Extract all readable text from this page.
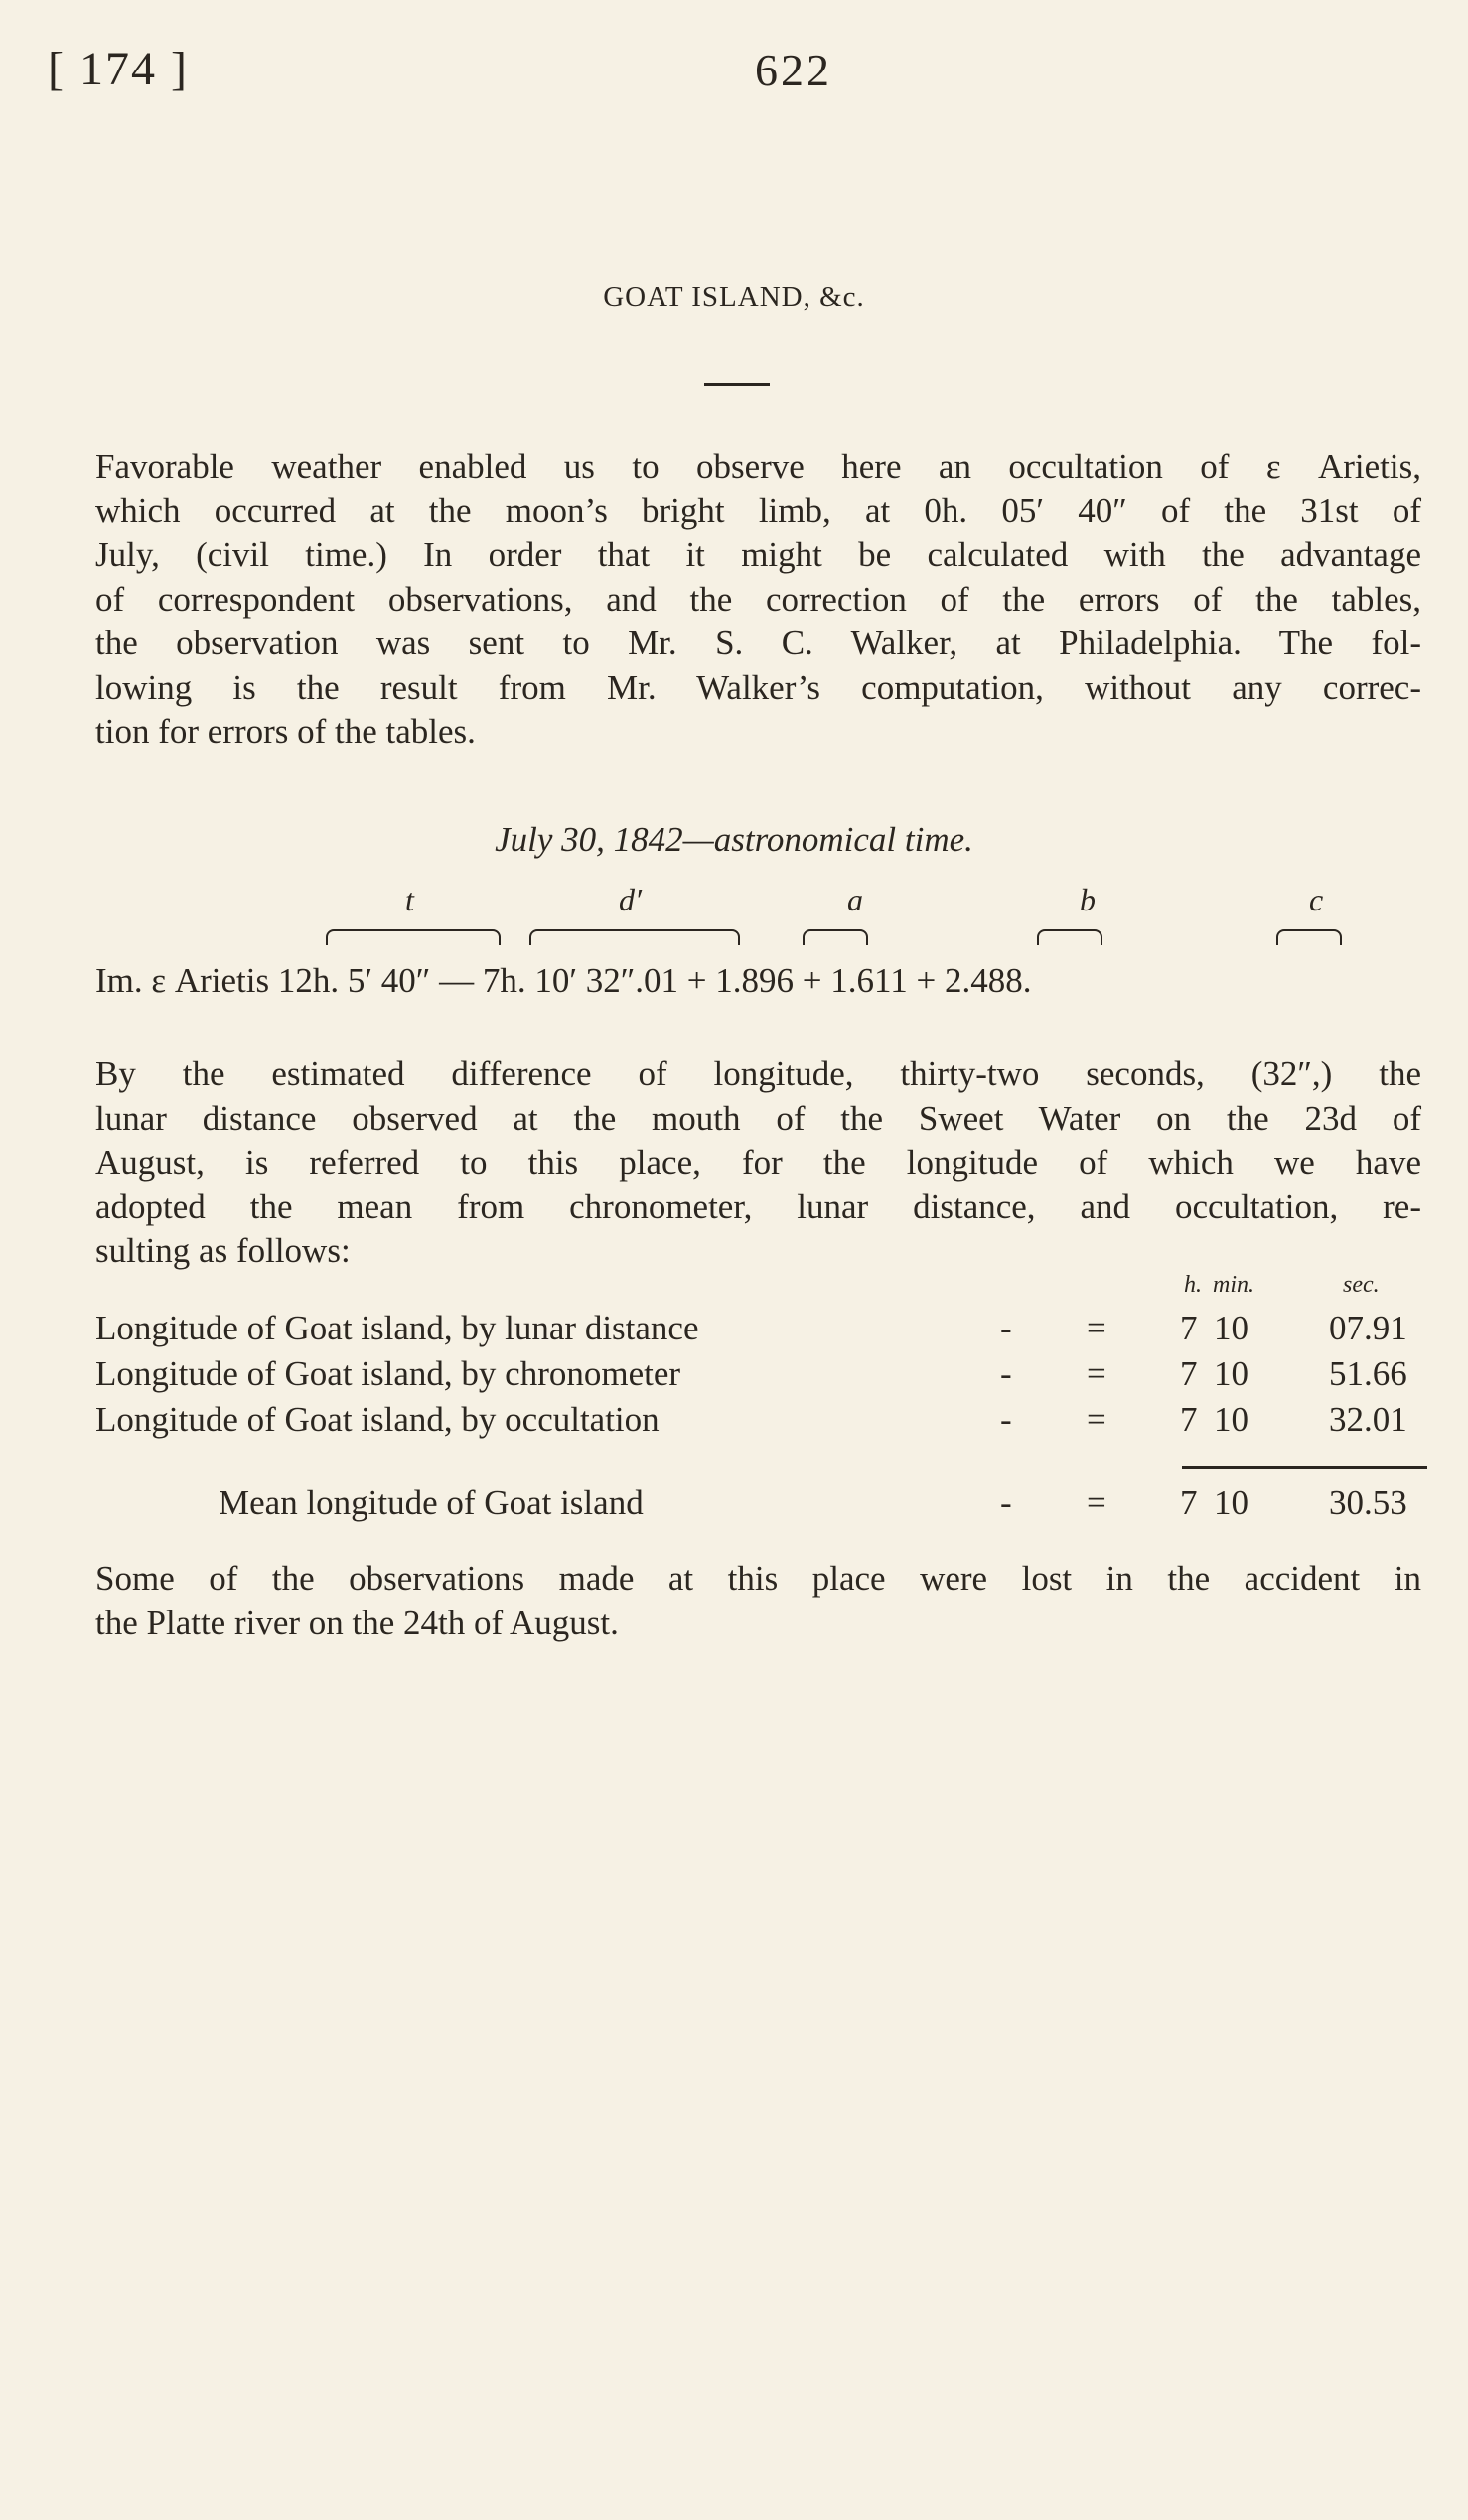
[ 174 ]	622
GOAT ISLAND, &c.
Favorable weather enabled us to observe here an occultation of ε Arietis,
which occurred at the moon’s bright limb, at 0h. 05′ 40″ of the 31st of
July, (civil time.) In order that it might be calculated with the advantage
of correspondent observations, and the correction of the errors of the tables,
the observation was sent to Mr. S. C. Walker, at Philadelphia. The fol-
lowing is the result from Mr. Walker’s computation, without any correc-
tion for errors of the tables.
July 30, 1842—astronomical time.
t	d′	a	b	c
Im. ε Arietis 12h. 5′ 40″ — 7h. 10′ 32″.01 + 1.896 + 1.611 + 2.488.
By the estimated difference of longitude, thirty-two seconds, (32″,) the
lunar distance observed at the mouth of the Sweet Water on the 23d of
August, is referred to this place, for the longitude of which we have
adopted the mean from chronometer, lunar distance, and occultation, re-
sulting as follows:
h. min.	sec.
Longitude of Goat island, by lunar distance	- = 7 10 07.91
Longitude of Goat island, by chronometer	- = 7 10 51.66
Longitude of Goat island, by occultation	- = 7 10 32.01
Mean longitude of Goat island	- = 7 10 30.53
Some of the observations made at this place were lost in the accident in
the Platte river on the 24th of August.
